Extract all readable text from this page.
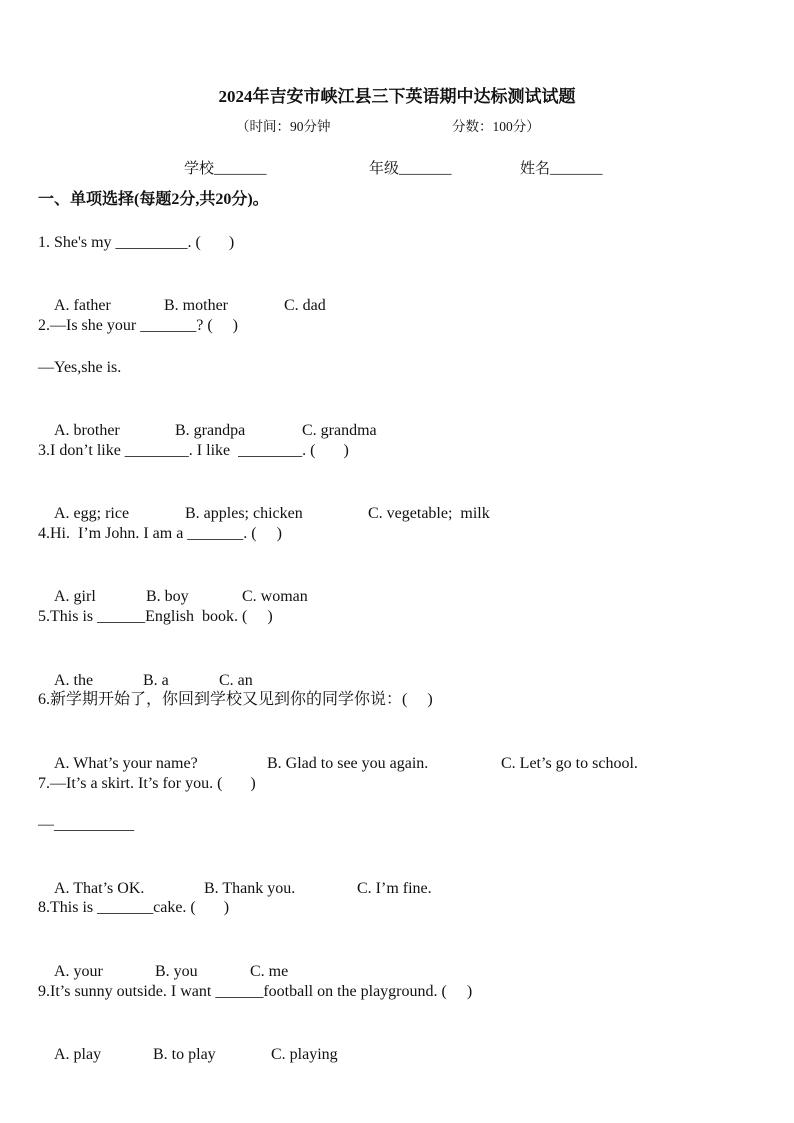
2024年吉安市峡江县三下英语期中达标测试试题
（时间：90分钟	分数：100分）
学校_______	年级_______	姓名_______
一、单项选择(每题2分,共20分)。
1. She's my _________. (       )

A. father	B. mother	C. dad

2.—Is she your _______? (     )
—Yes,she is.

A. brother	B. grandpa	C. grandma

3.I don’t like ________. I like  ________. (       )

A. egg; rice	B. apples; chicken	C. vegetable;  milk

4.Hi.  I’m John. I am a _______. (     )

A. girl	B. boy	C. woman

5.This is ______English  book. (     )

A. the	B. a	C. an

6.新学期开始了，你回到学校又见到你的同学你说：(     )

A. What’s your name?	B. Glad to see you again.	C. Let’s go to school.

7.—It’s a skirt. It’s for you. (       )
—__________

A. That’s OK.	B. Thank you.	C. I’m fine.

8.This is _______cake. (       )

A. your	B. you	C. me

9.It’s sunny outside. I want ______football on the playground. (     )

A. play	B. to play	C. playing
